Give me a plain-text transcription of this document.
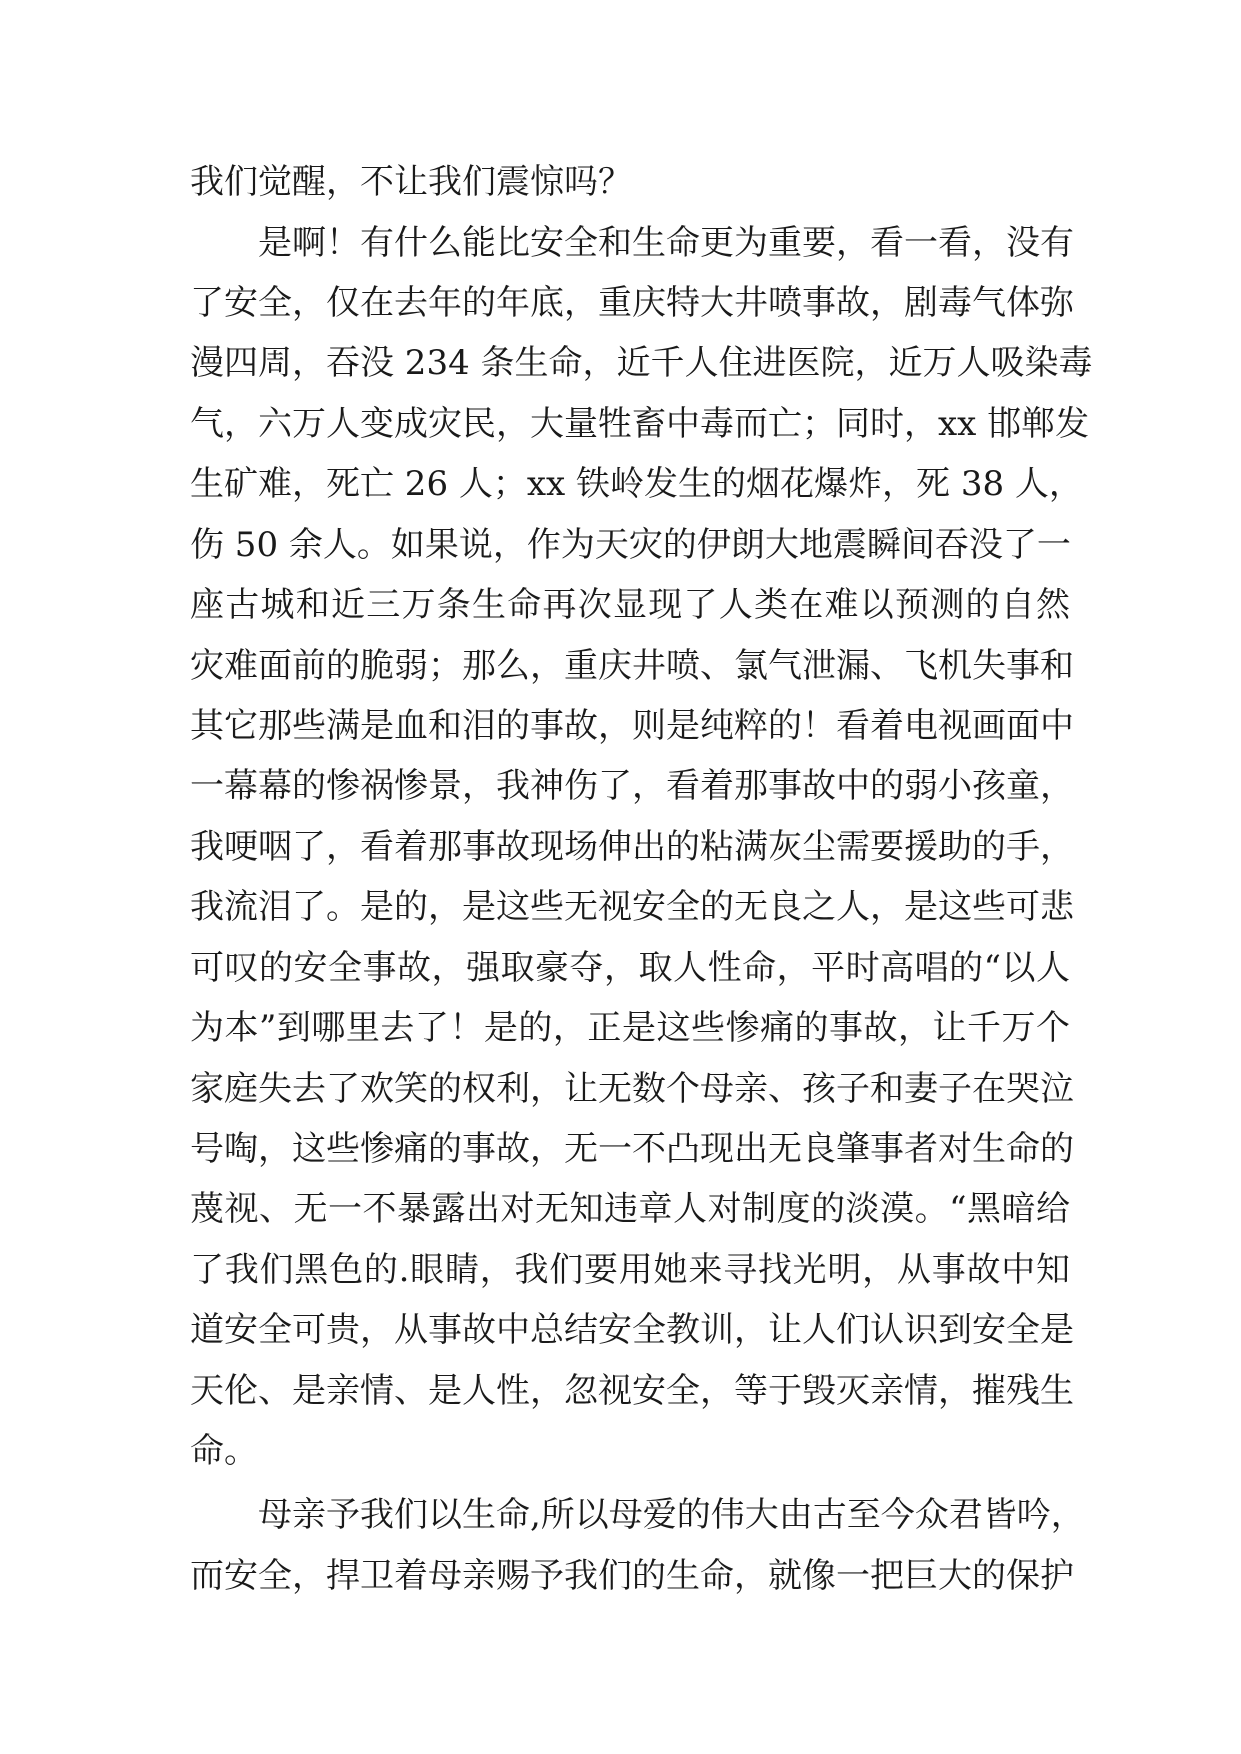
我们觉醒，不让我们震惊吗？
是啊！有什么能比安全和生命更为重要，看一看，没有
了安全，仅在去年的年底，重庆特大井喷事故，剧毒气体弥
漫四周，吞没 234 条生命，近千人住进医院，近万人吸染毒
气，六万人变成灾民，大量牲畜中毒而亡；同时，xx 邯郸发
生矿难，死亡 26 人；xx 铁岭发生的烟花爆炸，死 38 人，
伤 50 余人。如果说，作为天灾的伊朗大地震瞬间吞没了一
座古城和近三万条生命再次显现了人类在难以预测的自然
灾难面前的脆弱；那么，重庆井喷、氯气泄漏、飞机失事和
其它那些满是血和泪的事故，则是纯粹的！看着电视画面中
一幕幕的惨祸惨景，我神伤了，看着那事故中的弱小孩童，
我哽咽了，看着那事故现场伸出的粘满灰尘需要援助的手，
我流泪了。是的，是这些无视安全的无良之人，是这些可悲
可叹的安全事故，强取豪夺，取人性命，平时高唱的“以人
为本”到哪里去了！是的，正是这些惨痛的事故，让千万个
家庭失去了欢笑的权利，让无数个母亲、孩子和妻子在哭泣
号啕，这些惨痛的事故，无一不凸现出无良肇事者对生命的
蔑视、无一不暴露出对无知违章人对制度的淡漠。“黑暗给
了我们黑色的.眼睛，我们要用她来寻找光明，从事故中知
道安全可贵，从事故中总结安全教训，让人们认识到安全是
天伦、是亲情、是人性，忽视安全，等于毁灭亲情，摧残生
命。
母亲予我们以生命,所以母爱的伟大由古至今众君皆吟，
而安全，捍卫着母亲赐予我们的生命，就像一把巨大的保护
